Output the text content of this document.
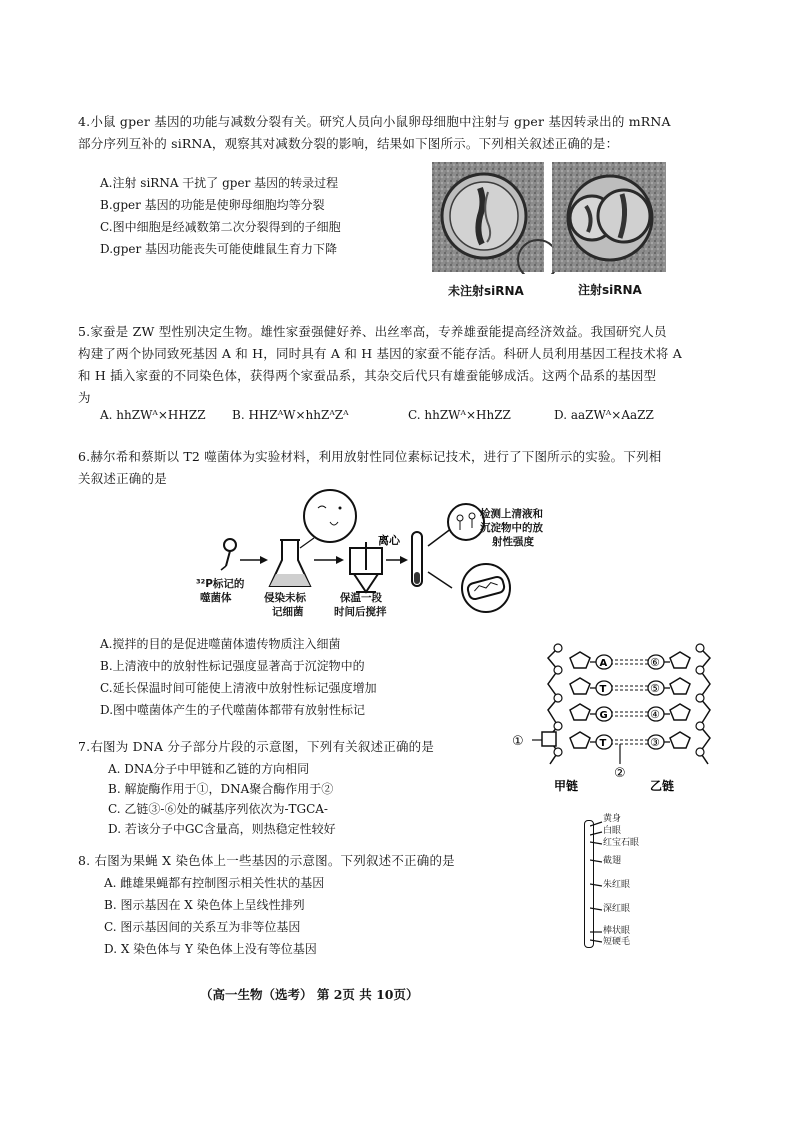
4.小鼠 gper 基因的功能与减数分裂有关。研究人员向小鼠卵母细胞中注射与 gper 基因转录出的 mRNA
部分序列互补的 siRNA，观察其对减数分裂的影响，结果如下图所示。下列相关叙述正确的是：
A.注射 siRNA 干扰了 gper 基因的转录过程
B.gper 基因的功能是使卵母细胞均等分裂
C.图中细胞是经减数第二次分裂得到的子细胞
D.gper 基因功能丧失可能使雌鼠生育力下降
未注射siRNA	注射siRNA
5.家蚕是 ZW 型性别决定生物。雄性家蚕强健好养、出丝率高，专养雄蚕能提高经济效益。我国研究人员
构建了两个协同致死基因 A 和 H，同时具有 A 和 H 基因的家蚕不能存活。科研人员利用基因工程技术将 A
和 H 插入家蚕的不同染色体，获得两个家蚕品系，其杂交后代只有雄蚕能够成活。这两个品系的基因型
为
A. hhZWᴬ×HHZZ B. HHZᴬW×hhZᴬZᴬ	C. hhZWᴬ×HhZZ	D. aaZWᴬ×AaZZ
6.赫尔希和蔡斯以 T2 噬菌体为实验材料，利用放射性同位素标记技术，进行了下图所示的实验。下列相
关叙述正确的是
离心
³²P标记的
噬菌体	侵染未标
记细菌
保温一段
时间后搅拌
检测上清液和
沉淀物中的放
射性强度
A.搅拌的目的是促进噬菌体遗传物质注入细菌
B.上清液中的放射性标记强度显著高于沉淀物中的
C.延长保温时间可能使上清液中放射性标记强度增加
D.图中噬菌体产生的子代噬菌体都带有放射性标记
A
T
G
T
⑥
⑤
④
③
①
②
甲链	乙链
7.右图为 DNA 分子部分片段的示意图，下列有关叙述正确的是
A. DNA分子中甲链和乙链的方向相同
B. 解旋酶作用于①，DNA聚合酶作用于②
C. 乙链③-⑥处的碱基序列依次为-TGCA-
D. 若该分子中GC含量高，则热稳定性较好
8. 右图为果蝇 X 染色体上一些基因的示意图。下列叙述不正确的是
A. 雌雄果蝇都有控制图示相关性状的基因
B. 图示基因在 X 染色体上呈线性排列
C. 图示基因间的关系互为非等位基因
D. X 染色体与 Y 染色体上没有等位基因
黄身
白眼
红宝石眼
截翅
朱红眼
深红眼
棒状眼
短硬毛
（高一生物（选考） 第 2页 共 10页）
